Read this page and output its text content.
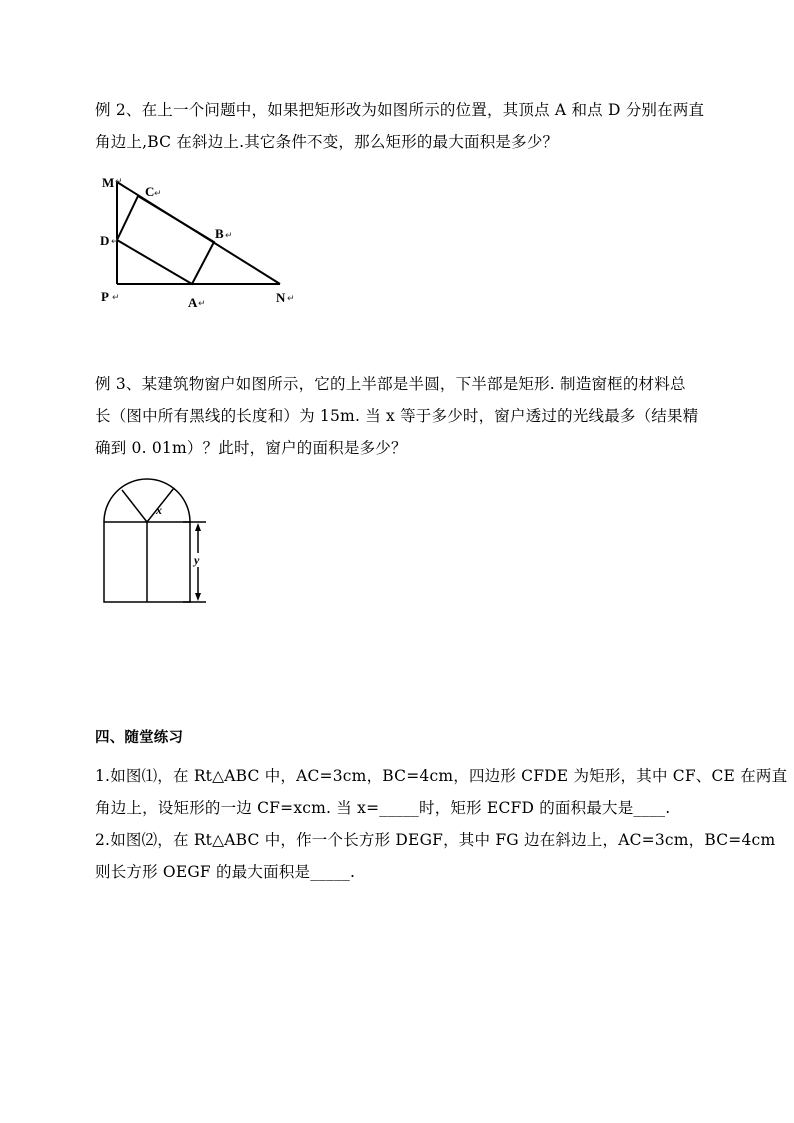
例 2、在上一个问题中，如果把矩形改为如图所示的位置，其顶点 A 和点 D 分别在两直
角边上,BC 在斜边上.其它条件不变，那么矩形的最大面积是多少？
M ↵
C ↵
D ↵
B ↵
P ↵	A ↵	N ↵
例 3、某建筑物窗户如图所示，它的上半部是半圆，下半部是矩形. 制造窗框的材料总
长（图中所有黑线的长度和）为 15m. 当 x 等于多少时，窗户透过的光线最多（结果精
确到 0. 01m）？此时，窗户的面积是多少？
x
y
四、随堂练习
1.如图⑴，在 Rt△ABC 中，AC=3cm，BC=4cm，四边形 CFDE 为矩形，其中 CF、CE 在两直
角边上，设矩形的一边 CF=xcm. 当 x=_____时，矩形 ECFD 的面积最大是____.
2.如图⑵，在 Rt△ABC 中，作一个长方形 DEGF，其中 FG 边在斜边上，AC=3cm，BC=4cm
则长方形 OEGF 的最大面积是_____.
